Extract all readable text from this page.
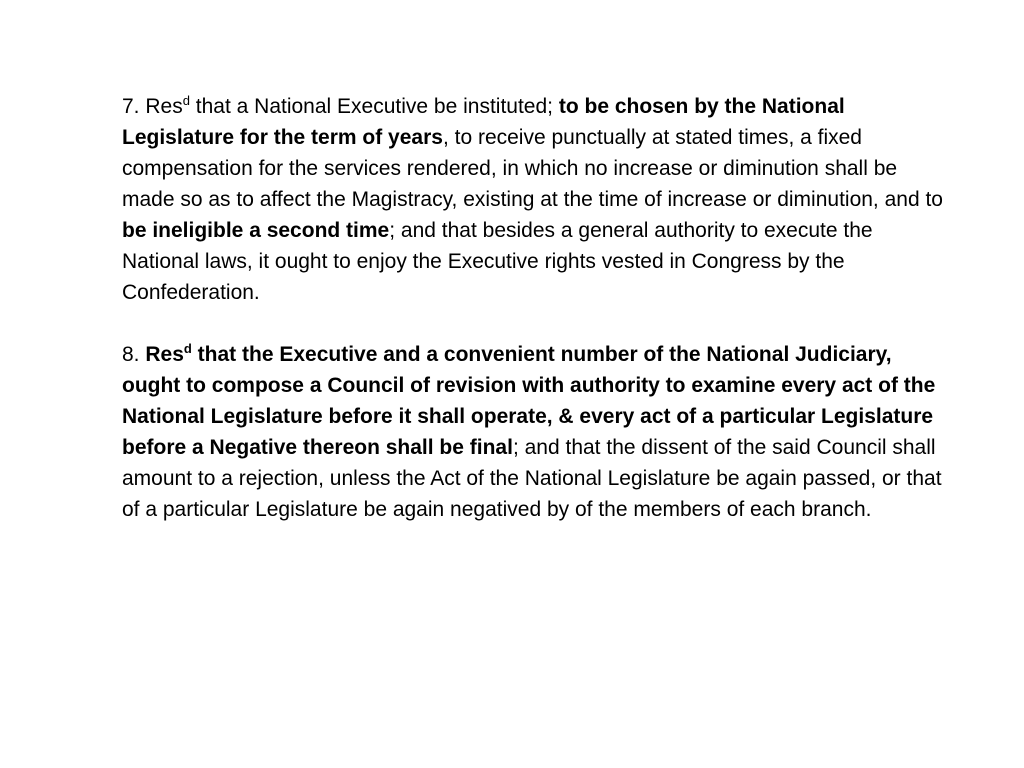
7. Res$^d$ that a National Executive be instituted; to be chosen by the National Legislature for the term of years, to receive punctually at stated times, a fixed compensation for the services rendered, in which no increase or diminution shall be made so as to affect the Magistracy, existing at the time of increase or diminution, and to be ineligible a second time; and that besides a general authority to execute the National laws, it ought to enjoy the Executive rights vested in Congress by the Confederation.

8. Res$^d$ that the Executive and a convenient number of the National Judiciary, ought to compose a Council of revision with authority to examine every act of the National Legislature before it shall operate, & every act of a particular Legislature before a Negative thereon shall be final; and that the dissent of the said Council shall amount to a rejection, unless the Act of the National Legislature be again passed, or that of a particular Legislature be again negatived by of the members of each branch.
